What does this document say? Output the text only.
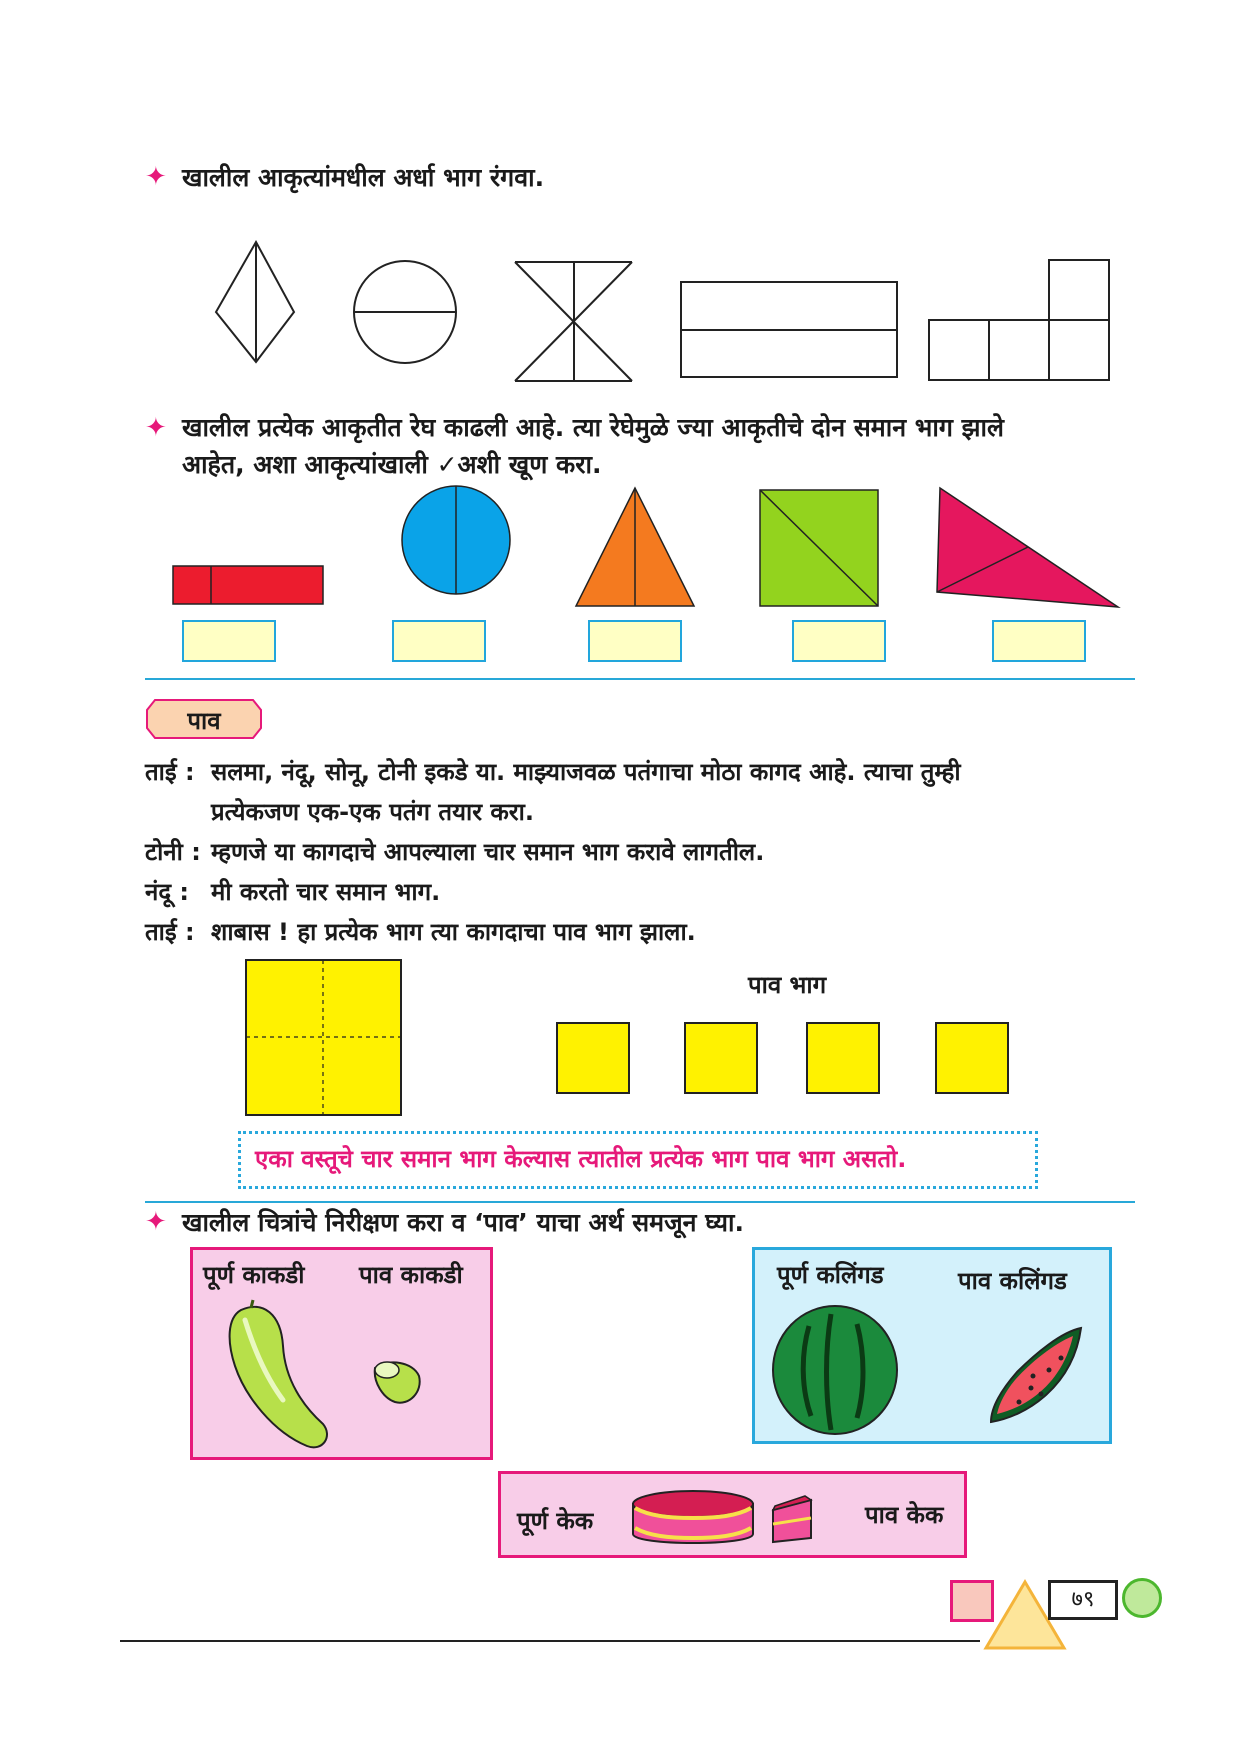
✦ खालील आकृत्यांमधील अर्धा भाग रंगवा.
✦ खालील प्रत्येक आकृतीत रेघ काढली आहे. त्या रेघेमुळे ज्या आकृतीचे दोन समान भाग झाले
आहेत, अशा आकृत्यांखाली ✓अशी खूण करा.
पाव
ताई : सलमा, नंदू, सोनू, टोनी इकडे या. माझ्याजवळ पतंगाचा मोठा कागद आहे. त्याचा तुम्ही
प्रत्येकजण एक-एक पतंग तयार करा.
टोनी : म्हणजे या कागदाचे आपल्याला चार समान भाग करावे लागतील.
नंदू : मी करतो चार समान भाग.
ताई : शाबास ! हा प्रत्येक भाग त्या कागदाचा पाव भाग झाला.
पाव भाग
एका वस्तूचे चार समान भाग केल्यास त्यातील प्रत्येक भाग पाव भाग असतो.
✦ खालील चित्रांचे निरीक्षण करा व ‘पाव’ याचा अर्थ समजून घ्या.
पूर्ण काकडी पाव काकडी	पूर्ण कलिंगड	पाव कलिंगड
पूर्ण केक	पाव केक
७९
